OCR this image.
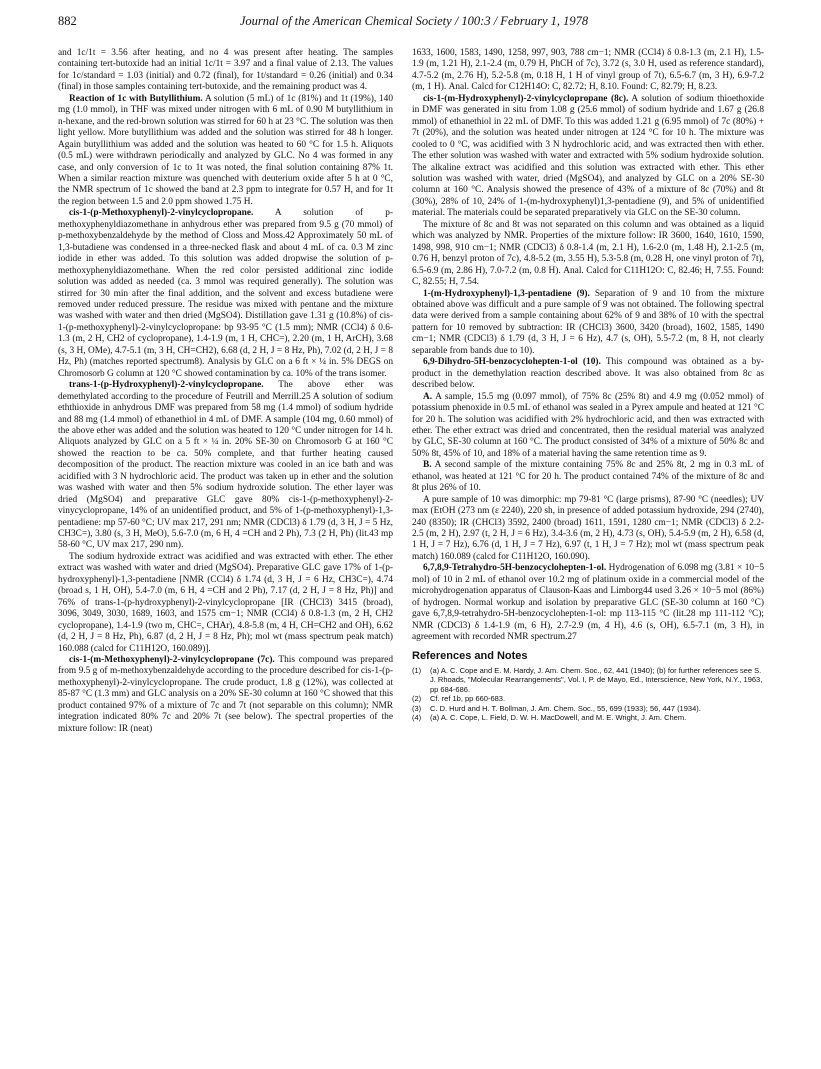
882	Journal of the American Chemical Society / 100:3 / February 1, 1978

and 1c/1t = 3.56 after heating, and no 4 was present after heating. The samples containing tert-butoxide had an initial 1c/1t = 3.97 and a final value of 2.13. The values for 1c/standard = 1.03 (initial) and 0.72 (final), for 1t/standard = 0.26 (initial) and 0.34 (final) in those samples containing tert-butoxide, and the remaining product was 4.

Reaction of 1c with Butyllithium. A solution (5 mL) of 1c (81%) and 1t (19%), 140 mg (1.0 mmol), in THF was mixed under nitrogen with 6 mL of 0.90 M butyllithium in n-hexane, and the red-brown solution was stirred for 60 h at 23 °C. The solution was then light yellow. More butyllithium was added and the solution was stirred for 48 h longer. Again butyllithium was added and the solution was heated to 60 °C for 1.5 h. Aliquots (0.5 mL) were withdrawn periodically and analyzed by GLC. No 4 was formed in any case, and only conversion of 1c to 1t was noted, the final solution containing 87% 1t. When a similar reaction mixture was quenched with deuterium oxide after 5 h at 0 °C, the NMR spectrum of 1c showed the band at 2.3 ppm to integrate for 0.57 H, and for 1t the region between 1.5 and 2.0 ppm showed 1.75 H.

cis-1-(p-Methoxyphenyl)-2-vinylcyclopropane. A solution of p-methoxyphenyldiazomethane in anhydrous ether was prepared from 9.5 g (70 mmol) of p-methoxybenzaldehyde by the method of Closs and Moss.42 Approximately 50 mL of 1,3-butadiene was condensed in a three-necked flask and about 4 mL of ca. 0.3 M zinc iodide in ether was added. To this solution was added dropwise the solution of p-methoxyphenyldiazomethane. When the red color persisted additional zinc iodide solution was added as needed (ca. 3 mmol was required generally). The solution was stirred for 30 min after the final addition, and the solvent and excess butadiene were removed under reduced pressure. The residue was mixed with pentane and the mixture was washed with water and then dried (MgSO4). Distillation gave 1.31 g (10.8%) of cis-1-(p-methoxyphenyl)-2-vinylcyclopropane: bp 93-95 °C (1.5 mm); NMR (CCl4) δ 0.6-1.3 (m, 2 H, CH2 of cyclopropane), 1.4-1.9 (m, 1 H, CHC=), 2.20 (m, 1 H, ArCH), 3.68 (s, 3 H, OMe), 4.7-5.1 (m, 3 H, CH=CH2), 6.68 (d, 2 H, J = 8 Hz, Ph), 7.02 (d, 2 H, J = 8 Hz, Ph) (matches reported spectrum8). Analysis by GLC on a 6 ft × ¼ in. 5% DEGS on Chromosorb G column at 120 °C showed contamination by ca. 10% of the trans isomer.

trans-1-(p-Hydroxyphenyl)-2-vinylcyclopropane. The above ether was demethylated according to the procedure of Feutrill and Merrill.25 A solution of sodium eththioxide in anhydrous DMF was prepared from 58 mg (1.4 mmol) of sodium hydride and 88 mg (1.4 mmol) of ethanethiol in 4 mL of DMF. A sample (104 mg, 0.60 mmol) of the above ether was added and the solution was heated to 120 °C under nitrogen for 14 h. Aliquots analyzed by GLC on a 5 ft × ¼ in. 20% SE-30 on Chromosorb G at 160 °C showed the reaction to be ca. 50% complete, and that further heating caused decomposition of the product. The reaction mixture was cooled in an ice bath and was acidified with 3 N hydrochloric acid. The product was taken up in ether and the solution was washed with water and then 5% sodium hydroxide solution. The ether layer was dried (MgSO4) and preparative GLC gave 80% cis-1-(p-methoxyphenyl)-2-vinycyclopropane, 14% of an unidentified product, and 5% of 1-(p-methoxyphenyl)-1,3-pentadiene: mp 57-60 °C; UV max 217, 291 nm; NMR (CDCl3) δ 1.79 (d, 3 H, J = 5 Hz, CH3C=), 3.80 (s, 3 H, MeO), 5.6-7.0 (m, 6 H, 4 =CH and 2 Ph), 7.3 (2 H, Ph) (lit.43 mp 58-60 °C, UV max 217, 290 nm).

The sodium hydroxide extract was acidified and was extracted with ether. The ether extract was washed with water and dried (MgSO4). Preparative GLC gave 17% of 1-(p-hydroxyphenyl)-1,3-pentadiene [NMR (CCl4) δ 1.74 (d, 3 H, J = 6 Hz, CH3C=), 4.74 (broad s, 1 H, OH), 5.4-7.0 (m, 6 H, 4 =CH and 2 Ph), 7.17 (d, 2 H, J = 8 Hz, Ph)] and 76% of trans-1-(p-hydroxyphenyl)-2-vinylcyclopropane [IR (CHCl3) 3415 (broad), 3096, 3049, 3030, 1689, 1603, and 1575 cm−1; NMR (CCl4) δ 0.8-1.3 (m, 2 H, CH2 cyclopropane), 1.4-1.9 (two m, CHC=, CHAr), 4.8-5.8 (m, 4 H, CH=CH2 and OH), 6.62 (d, 2 H, J = 8 Hz, Ph), 6.87 (d, 2 H, J = 8 Hz, Ph); mol wt (mass spectrum peak match) 160.088 (calcd for C11H12O, 160.089)].

cis-1-(m-Methoxyphenyl)-2-vinylcyclopropane (7c). This compound was prepared from 9.5 g of m-methoxybenzaldehyde according to the procedure described for cis-1-(p-methoxyphenyl)-2-vinylcyclopropane. The crude product, 1.8 g (12%), was collected at 85-87 °C (1.3 mm) and GLC analysis on a 20% SE-30 column at 160 °C showed that this product contained 97% of a mixture of 7c and 7t (not separable on this column); NMR integration indicated 80% 7c and 20% 7t (see below). The spectral properties of the mixture follow: IR (neat)

1633, 1600, 1583, 1490, 1258, 997, 903, 788 cm−1; NMR (CCl4) δ 0.8-1.3 (m, 2.1 H), 1.5-1.9 (m, 1.21 H), 2.1-2.4 (m, 0.79 H, PhCH of 7c), 3.72 (s, 3.0 H, used as reference standard), 4.7-5.2 (m, 2.76 H), 5.2-5.8 (m, 0.18 H, 1 H of vinyl group of 7t), 6.5-6.7 (m, 3 H), 6.9-7.2 (m, 1 H). Anal. Calcd for C12H14O: C, 82.72; H, 8.10. Found: C, 82.79; H, 8.23.

cis-1-(m-Hydroxyphenyl)-2-vinylcyclopropane (8c). A solution of sodium thioethoxide in DMF was generated in situ from 1.08 g (25.6 mmol) of sodium hydride and 1.67 g (26.8 mmol) of ethanethiol in 22 mL of DMF. To this was added 1.21 g (6.95 mmol) of 7c (80%) + 7t (20%), and the solution was heated under nitrogen at 124 °C for 10 h. The mixture was cooled to 0 °C, was acidified with 3 N hydrochloric acid, and was extracted then with ether. The ether solution was washed with water and extracted with 5% sodium hydroxide solution. The alkaline extract was acidified and this solution was extracted with ether. This ether solution was washed with water, dried (MgSO4), and analyzed by GLC on a 20% SE-30 column at 160 °C. Analysis showed the presence of 43% of a mixture of 8c (70%) and 8t (30%), 28% of 10, 24% of 1-(m-hydroxyphenyl)1,3-pentadiene (9), and 5% of unidentified material. The materials could be separated preparatively via GLC on the SE-30 column.

The mixture of 8c and 8t was not separated on this column and was obtained as a liquid which was analyzed by NMR. Properties of the mixture follow: IR 3600, 1640, 1610, 1590, 1498, 998, 910 cm−1; NMR (CDCl3) δ 0.8-1.4 (m, 2.1 H), 1.6-2.0 (m, 1.48 H), 2.1-2.5 (m, 0.76 H, benzyl proton of 7c), 4.8-5.2 (m, 3.55 H), 5.3-5.8 (m, 0.28 H, one vinyl proton of 7t), 6.5-6.9 (m, 2.86 H), 7.0-7.2 (m, 0.8 H). Anal. Calcd for C11H12O: C, 82.46; H, 7.55. Found: C, 82.55; H, 7.54.

1-(m-Hydroxyphenyl)-1,3-pentadiene (9). Separation of 9 and 10 from the mixture obtained above was difficult and a pure sample of 9 was not obtained. The following spectral data were derived from a sample containing about 62% of 9 and 38% of 10 with the spectral pattern for 10 removed by subtraction: IR (CHCl3) 3600, 3420 (broad), 1602, 1585, 1490 cm−1; NMR (CDCl3) δ 1.79 (d, 3 H, J = 6 Hz), 4.7 (s, OH), 5.5-7.2 (m, 8 H, not clearly separable from bands due to 10).

6,9-Dihydro-5H-benzocyclohepten-1-ol (10). This compound was obtained as a by-product in the demethylation reaction described above. It was also obtained from 8c as described below.

A. A sample, 15.5 mg (0.097 mmol), of 75% 8c (25% 8t) and 4.9 mg (0.052 mmol) of potassium phenoxide in 0.5 mL of ethanol was sealed in a Pyrex ampule and heated at 121 °C for 20 h. The solution was acidified with 2% hydrochloric acid, and then was extracted with ether. The ether extract was dried and concentrated, then the residual material was analyzed by GLC, SE-30 column at 160 °C. The product consisted of 34% of a mixture of 50% 8c and 50% 8t, 45% of 10, and 18% of a material having the same retention time as 9.

B. A second sample of the mixture containing 75% 8c and 25% 8t, 2 mg in 0.3 mL of ethanol, was heated at 121 °C for 20 h. The product contained 74% of the mixture of 8c and 8t plus 26% of 10.

A pure sample of 10 was dimorphic: mp 79-81 °C (large prisms), 87-90 °C (needles); UV max (EtOH (273 nm (ε 2240), 220 sh, in presence of added potassium hydroxide, 294 (2740), 240 (8350); IR (CHCl3) 3592, 2400 (broad) 1611, 1591, 1280 cm−1; NMR (CDCl3) δ 2.2-2.5 (m, 2 H), 2.97 (t, 2 H, J = 6 Hz), 3.4-3.6 (m, 2 H), 4.73 (s, OH), 5.4-5.9 (m, 2 H), 6.58 (d, 1 H, J = 7 Hz), 6.76 (d, 1 H, J = 7 Hz), 6.97 (t, 1 H, J = 7 Hz); mol wt (mass spectrum peak match) 160.089 (calcd for C11H12O, 160.090).

6,7,8,9-Tetrahydro-5H-benzocyclohepten-1-ol. Hydrogenation of 6.098 mg (3.81 × 10−5 mol) of 10 in 2 mL of ethanol over 10.2 mg of platinum oxide in a commercial model of the microhydrogenation apparatus of Clauson-Kaas and Limborg44 used 3.26 × 10−5 mol (86%) of hydrogen. Normal workup and isolation by preparative GLC (SE-30 column at 160 °C) gave 6,7,8,9-tetrahydro-5H-benzocyclohepten-1-ol: mp 113-115 °C (lit.28 mp 111-112 °C); NMR (CDCl3) δ 1.4-1.9 (m, 6 H), 2.7-2.9 (m, 4 H), 4.6 (s, OH), 6.5-7.1 (m, 3 H), in agreement with recorded NMR spectrum.27

References and Notes
(1)	(a) A. C. Cope and E. M. Hardy, J. Am. Chem. Soc., 62, 441 (1940); (b) for further references see S. J. Rhoads, "Molecular Rearrangements", Vol. I, P. de Mayo, Ed., Interscience, New York, N.Y., 1963, pp 684-686.
(2)	Cf. ref 1b, pp 660-683.
(3)	C. D. Hurd and H. T. Bollman, J. Am. Chem. Soc., 55, 699 (1933); 56, 447 (1934).
(4)	(a) A. C. Cope, L. Field, D. W. H. MacDowell, and M. E. Wright, J. Am. Chem.
